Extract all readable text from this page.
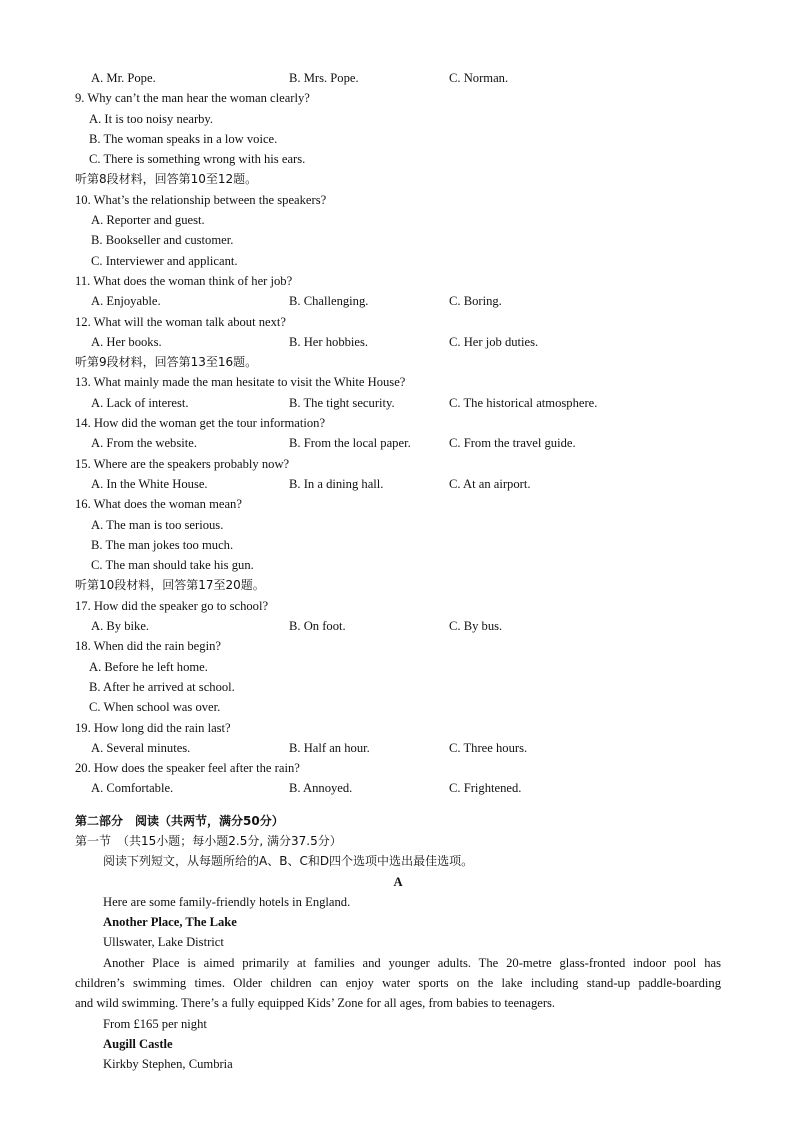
A. Mr. Pope.	B. Mrs. Pope.	C. Norman.
9. Why can’t the man hear the woman clearly?
A. It is too noisy nearby.
B. The woman speaks in a low voice.
C. There is something wrong with his ears.
听第8段材料，回答第10至12题。
10. What’s the relationship between the speakers?
A. Reporter and guest.
B. Bookseller and customer.
C. Interviewer and applicant.
11. What does the woman think of her job?
A. Enjoyable.	B. Challenging.	C. Boring.
12. What will the woman talk about next?
A. Her books.	B. Her hobbies.	C. Her job duties.
听第9段材料，回答第13至16题。
13. What mainly made the man hesitate to visit the White House?
A. Lack of interest.	B. The tight security.	C. The historical atmosphere.
14. How did the woman get the tour information?
A. From the website.	B. From the local paper.	C. From the travel guide.
15. Where are the speakers probably now?
A. In the White House.	B. In a dining hall.	C. At an airport.
16. What does the woman mean?
A. The man is too serious.
B. The man jokes too much.
C. The man should take his gun.
听第10段材料，回答第17至20题。
17. How did the speaker go to school?
A. By bike.	B. On foot.	C. By bus.
18. When did the rain begin?
A. Before he left home.
B. After he arrived at school.
C. When school was over.
19. How long did the rain last?
A. Several minutes.	B. Half an hour.	C. Three hours.
20. How does the speaker feel after the rain?
A. Comfortable.	B. Annoyed.	C. Frightened.
第二部分　阅读（共两节，满分50分）
第一节　（共15小题；每小题2.5分, 满分37.5分）
阅读下列短文，从每题所给的A、B、C和D四个选项中选出最佳选项。
A
Here are some family-friendly hotels in England.
Another Place, The Lake
Ullswater, Lake District
Another Place is aimed primarily at families and younger adults. The 20-metre glass-fronted indoor pool has
children’s swimming times. Older children can enjoy water sports on the lake including stand-up paddle-boarding
and wild swimming. There’s a fully equipped Kids’ Zone for all ages, from babies to teenagers.
From £165 per night
Augill Castle
Kirkby Stephen, Cumbria
